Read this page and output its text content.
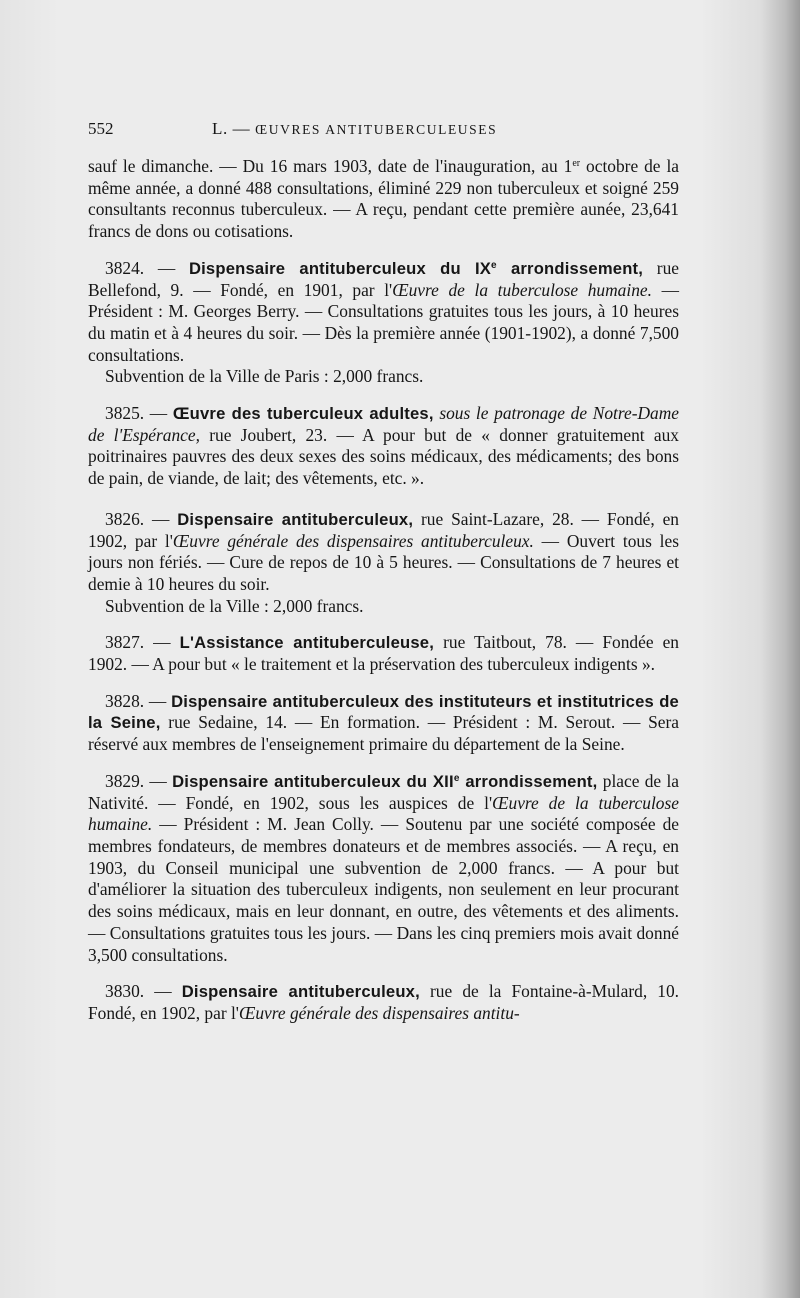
552	L. — ŒUVRES ANTITUBERCULEUSES

sauf le dimanche. — Du 16 mars 1903, date de l'inauguration, au 1er octobre de la même année, a donné 488 consultations, éliminé 229 non tuberculeux et soigné 259 consultants reconnus tuberculeux. — A reçu, pendant cette première aunée, 23,641 francs de dons ou cotisations.

3824. — Dispensaire antituberculeux du IXe arrondissement, rue Bellefond, 9. — Fondé, en 1901, par l'Œuvre de la tuberculose humaine. — Président : M. Georges Berry. — Consultations gratuites tous les jours, à 10 heures du matin et à 4 heures du soir. — Dès la première année (1901-1902), a donné 7,500 consultations.

Subvention de la Ville de Paris : 2,000 francs.

3825. — Œuvre des tuberculeux adultes, sous le patronage de Notre-Dame de l'Espérance, rue Joubert, 23. — A pour but de « donner gratuitement aux poitrinaires pauvres des deux sexes des soins médicaux, des médicaments; des bons de pain, de viande, de lait; des vêtements, etc. ».

3826. — Dispensaire antituberculeux, rue Saint-Lazare, 28. — Fondé, en 1902, par l'Œuvre générale des dispensaires antituberculeux. — Ouvert tous les jours non fériés. — Cure de repos de 10 à 5 heures. — Consultations de 7 heures et demie à 10 heures du soir.

Subvention de la Ville : 2,000 francs.

3827. — L'Assistance antituberculeuse, rue Taitbout, 78. — Fondée en 1902. — A pour but « le traitement et la préservation des tuberculeux indigents ».

3828. — Dispensaire antituberculeux des instituteurs et institutrices de la Seine, rue Sedaine, 14. — En formation. — Président : M. Serout. — Sera réservé aux membres de l'enseignement primaire du département de la Seine.

3829. — Dispensaire antituberculeux du XIIe arrondissement, place de la Nativité. — Fondé, en 1902, sous les auspices de l'Œuvre de la tuberculose humaine. — Président : M. Jean Colly. — Soutenu par une société composée de membres fondateurs, de membres donateurs et de membres associés. — A reçu, en 1903, du Conseil municipal une subvention de 2,000 francs. — A pour but d'améliorer la situation des tuberculeux indigents, non seulement en leur procurant des soins médicaux, mais en leur donnant, en outre, des vêtements et des aliments. — Consultations gratuites tous les jours. — Dans les cinq premiers mois avait donné 3,500 consultations.

3830. — Dispensaire antituberculeux, rue de la Fontaine-à-Mulard, 10. Fondé, en 1902, par l'Œuvre générale des dispensaires antitu-
